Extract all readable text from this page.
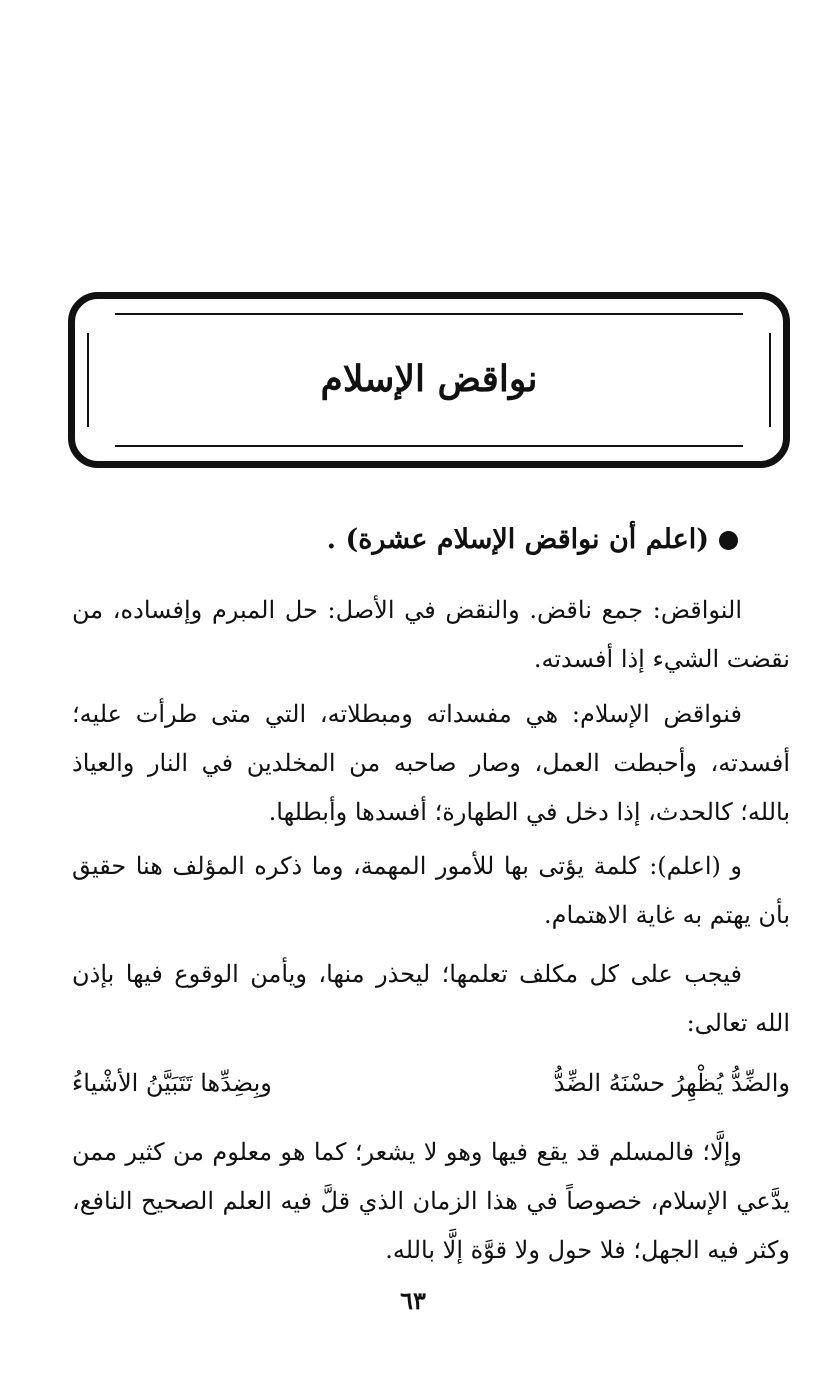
نواقض الإسلام
(اعلم أن نواقض الإسلام عشرة) .

النواقض: جمع ناقض. والنقض في الأصل: حل المبرم وإفساده، من نقضت الشيء إذا أفسدته.

فنواقض الإسلام: هي مفسداته ومبطلاته، التي متى طرأت عليه؛ أفسدته، وأحبطت العمل، وصار صاحبه من المخلدين في النار والعياذ بالله؛ كالحدث، إذا دخل في الطهارة؛ أفسدها وأبطلها.

و (اعلم): كلمة يؤتى بها للأمور المهمة، وما ذكره المؤلف هنا حقيق بأن يهتم به غاية الاهتمام.

فيجب على كل مكلف تعلمها؛ ليحذر منها، ويأمن الوقوع فيها بإذن الله تعالى:

والضِّدُّ يُظْهِرُ حسْنَهُ الضِّدُّ
وبِضِدِّها تَتَبَيَّنُ الأشْياءُ

وإلَّا؛ فالمسلم قد يقع فيها وهو لا يشعر؛ كما هو معلوم من كثير ممن يدَّعي الإسلام، خصوصاً في هذا الزمان الذي قلَّ فيه العلم الصحيح النافع، وكثر فيه الجهل؛ فلا حول ولا قوَّة إلَّا بالله.

٦٣
